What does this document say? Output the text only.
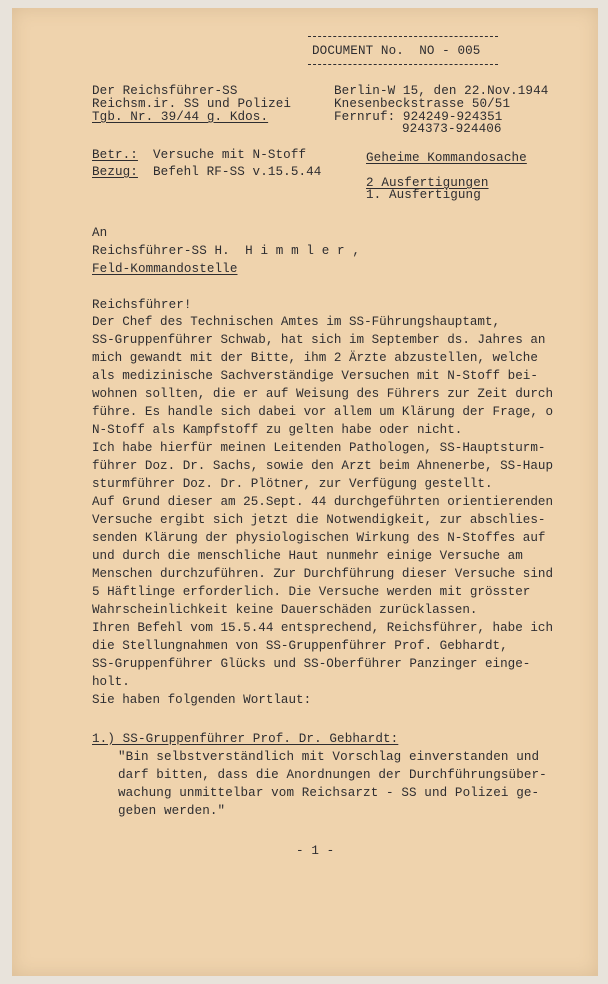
DOCUMENT No.  NO - 005
Der Reichsführer-SS
Reichsm.ir. SS und Polizei
Tgb. Nr. 39/44 g. Kdos.
Berlin-W 15, den 22.Nov.1944
Knesenbeckstrasse 50/51
Fernruf: 924249-924351
924373-924406
Betr.: Versuche mit N-Stoff
Bezug: Befehl RF-SS v.15.5.44
Geheime Kommandosache
2 Ausfertigungen
1. Ausfertigung
An
Reichsführer-SS H.  H i m m l e r ,
Feld-Kommandostelle
Reichsführer!
Der Chef des Technischen Amtes im SS-Führungshauptamt,
SS-Gruppenführer Schwab, hat sich im September ds. Jahres an
mich gewandt mit der Bitte, ihm 2 Ärzte abzustellen, welche
als medizinische Sachverständige Versuchen mit N-Stoff bei-
wohnen sollten, die er auf Weisung des Führers zur Zeit durch
führe. Es handle sich dabei vor allem um Klärung der Frage, o
N-Stoff als Kampfstoff zu gelten habe oder nicht.
Ich habe hierfür meinen Leitenden Pathologen, SS-Hauptsturm-
führer Doz. Dr. Sachs, sowie den Arzt beim Ahnenerbe, SS-Haup
sturmführer Doz. Dr. Plötner, zur Verfügung gestellt.
Auf Grund dieser am 25.Sept. 44 durchgeführten orientierenden
Versuche ergibt sich jetzt die Notwendigkeit, zur abschlies-
senden Klärung der physiologischen Wirkung des N-Stoffes auf
und durch die menschliche Haut nunmehr einige Versuche am
Menschen durchzuführen. Zur Durchführung dieser Versuche sind
5 Häftlinge erforderlich. Die Versuche werden mit grösster
Wahrscheinlichkeit keine Dauerschäden zurücklassen.
Ihren Befehl vom 15.5.44 entsprechend, Reichsführer, habe ich
die Stellungnahmen von SS-Gruppenführer Prof. Gebhardt,
SS-Gruppenführer Glücks und SS-Oberführer Panzinger einge-
holt.
Sie haben folgenden Wortlaut:
1.) SS-Gruppenführer Prof. Dr. Gebhardt:
"Bin selbstverständlich mit Vorschlag einverstanden und
darf bitten, dass die Anordnungen der Durchführungsüber-
wachung unmittelbar vom Reichsarzt - SS und Polizei ge-
geben werden."
- 1 -
